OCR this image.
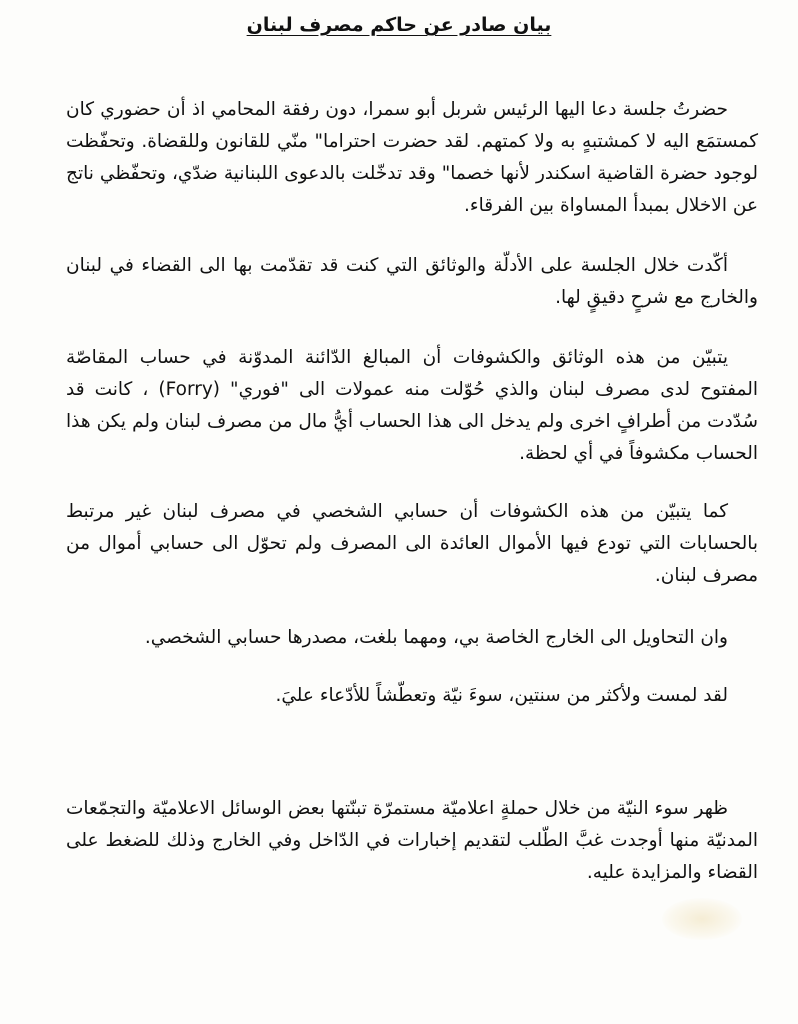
بيان صادر عن حاكم مصرف لبنان

حضرتُ جلسة دعا اليها الرئيس شربل أبو سمرا، دون رفقة المحامي اذ أن حضوري كان كمستمَع اليه لا كمشتبهٍ به ولا كمتهم. لقد حضرت احتراما" منّي للقانون وللقضاة. وتحفّظت لوجود حضرة القاضية اسكندر لأنها خصما" وقد تدخّلت بالدعوى اللبنانية ضدّي، وتحفّظي ناتج عن الاخلال بمبدأ المساواة بين الفرقاء.

أكّدت خلال الجلسة على الأدلّة والوثائق التي كنت قد تقدّمت بها الى القضاء في لبنان والخارج مع شرحٍ دقيقٍ لها.

يتبيّن من هذه الوثائق والكشوفات أن المبالغ الدّائنة المدوّنة في حساب المقاصّة المفتوح لدى مصرف لبنان والذي حُوّلت منه عمولات الى "فوري" (Forry) ، كانت قد سُدّدت من أطرافٍ اخرى ولم يدخل الى هذا الحساب أيُّ مال من مصرف لبنان ولم يكن هذا الحساب مكشوفاً في أي لحظة.

كما يتبيّن من هذه الكشوفات أن حسابي الشخصي في مصرف لبنان غير مرتبط بالحسابات التي تودع فيها الأموال العائدة الى المصرف ولم تحوّل الى حسابي أموال من مصرف لبنان.

وان التحاويل الى الخارج الخاصة بي، ومهما بلغت، مصدرها حسابي الشخصي.

لقد لمست ولأكثر من سنتين، سوءَ نيّة وتعطّشاً للأدّعاء عليَ.

ظهر سوء النيّة من خلال حملةٍ اعلاميّة مستمرّة تبنّتها بعض الوسائل الاعلاميّة والتجمّعات المدنيّة منها أوجدت غبَّ الطّلب لتقديم إخبارات في الدّاخل وفي الخارج وذلك للضغط على القضاء والمزايدة عليه.
